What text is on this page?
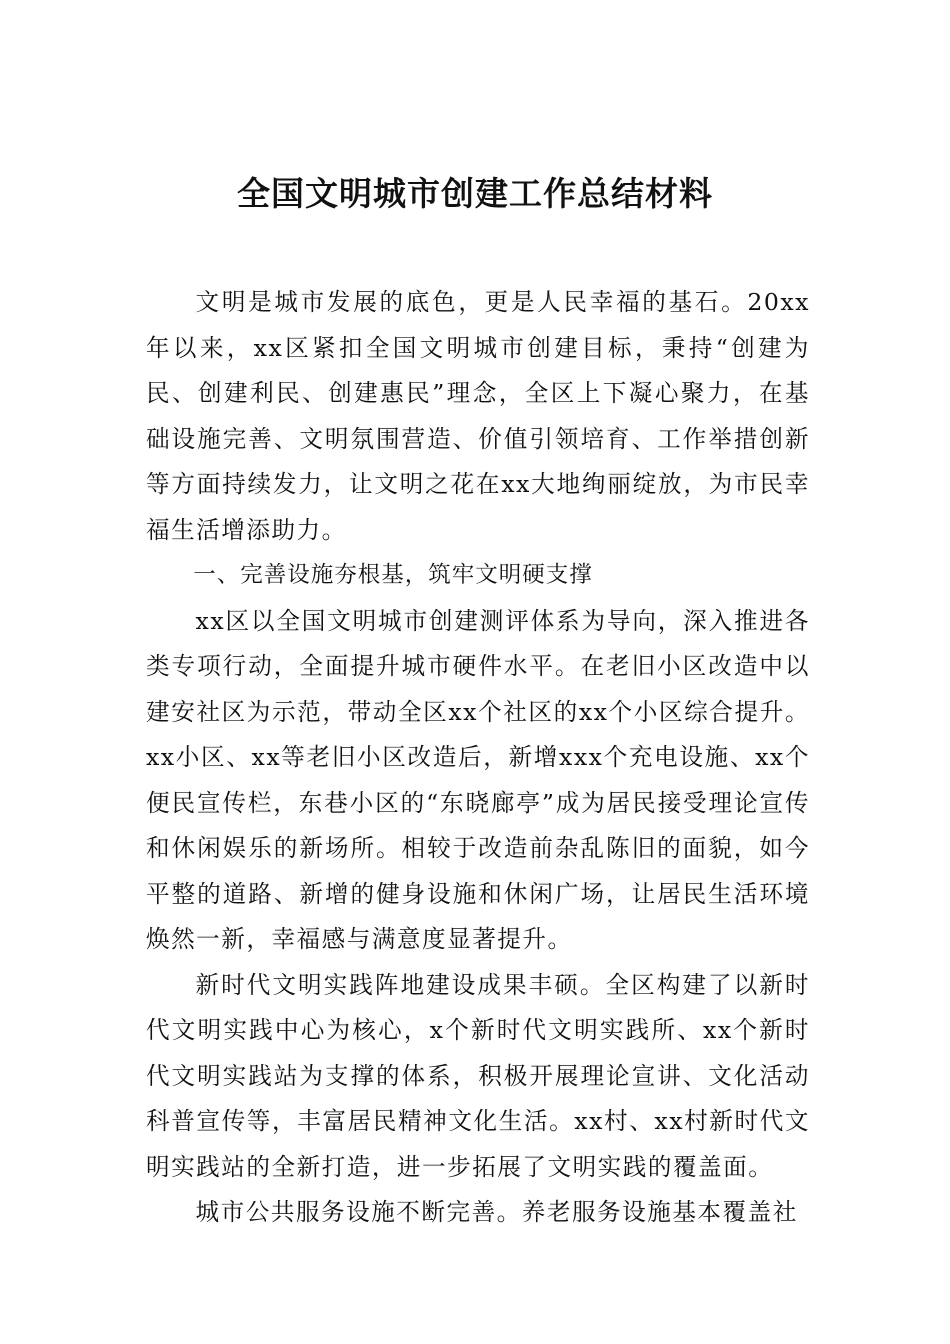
全国文明城市创建工作总结材料

文明是城市发展的底色，更是人民幸福的基石。20xx年以来，xx区紧扣全国文明城市创建目标，秉持“创建为民、创建利民、创建惠民”理念，全区上下凝心聚力，在基础设施完善、文明氛围营造、价值引领培育、工作举措创新等方面持续发力，让文明之花在xx大地绚丽绽放，为市民幸福生活增添助力。

一、完善设施夯根基，筑牢文明硬支撑

xx区以全国文明城市创建测评体系为导向，深入推进各类专项行动，全面提升城市硬件水平。在老旧小区改造中以建安社区为示范，带动全区xx个社区的xx个小区综合提升。xx小区、xx等老旧小区改造后，新增xxx个充电设施、xx个便民宣传栏，东巷小区的“东晓廊亭”成为居民接受理论宣传和休闲娱乐的新场所。相较于改造前杂乱陈旧的面貌，如今平整的道路、新增的健身设施和休闲广场，让居民生活环境焕然一新，幸福感与满意度显著提升。

新时代文明实践阵地建设成果丰硕。全区构建了以新时代文明实践中心为核心，x个新时代文明实践所、xx个新时代文明实践站为支撑的体系，积极开展理论宣讲、文化活动科普宣传等，丰富居民精神文化生活。xx村、xx村新时代文明实践站的全新打造，进一步拓展了文明实践的覆盖面。

城市公共服务设施不断完善。养老服务设施基本覆盖社
